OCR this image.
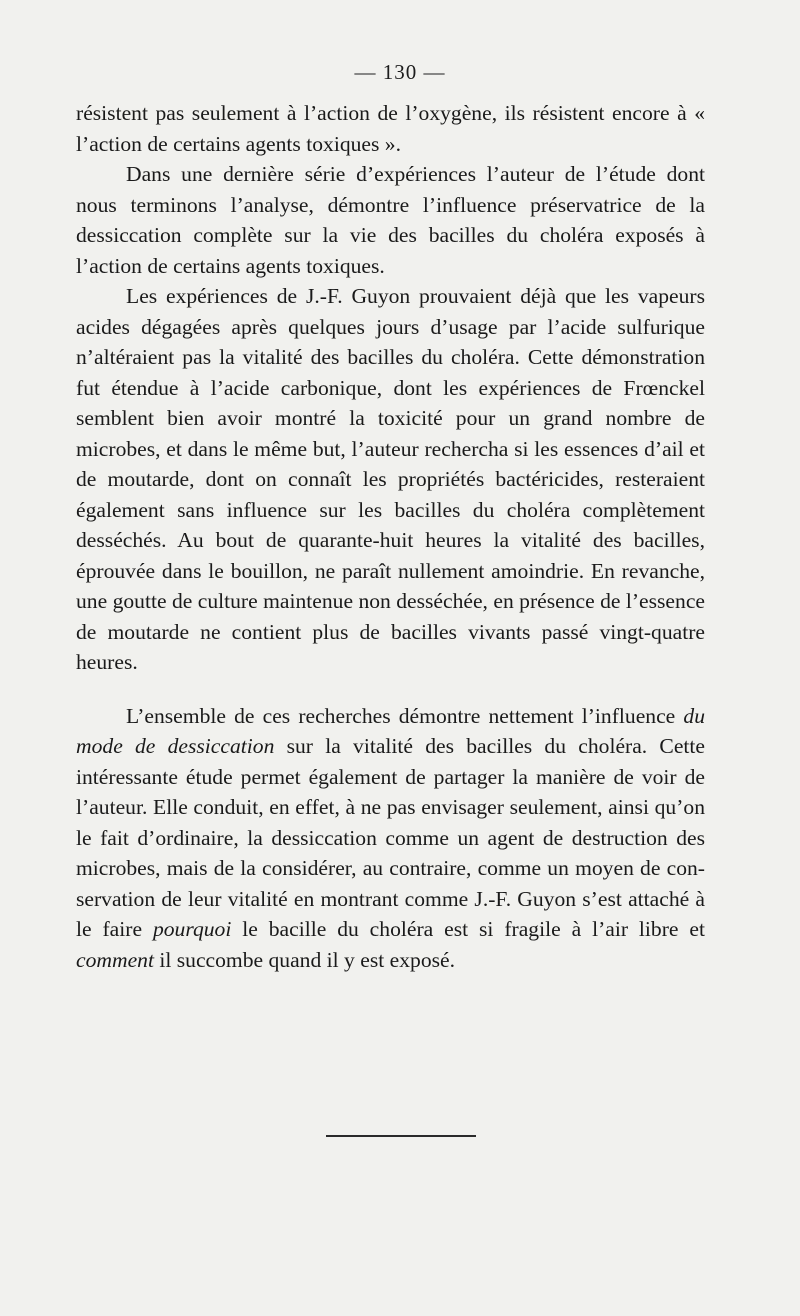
— 130 —

résistent pas seulement à l’action de l’oxygène, ils résistent encore à « l’action de certains agents toxiques ».

Dans une dernière série d’expériences l’auteur de l’étude dont nous terminons l’analyse, démontre l’influence préservatrice de la dessiccation complète sur la vie des bacilles du choléra exposés à l’action de certains agents toxiques.

Les expériences de J.-F. Guyon prouvaient déjà que les vapeurs acides dégagées après quelques jours d’usage par l’acide sulfurique n’altéraient pas la vitalité des bacilles du choléra. Cette démonstration fut étendue à l’acide carbonique, dont les expériences de Frœnckel semblent bien avoir montré la toxicité pour un grand nombre de microbes, et dans le même but, l’auteur recherchа si les essences d’ail et de moutarde, dont on connaît les propriétés bactéricides, resteraient également sans influence sur les bacilles du choléra complètement desséchés. Au bout de quarante-huit heures la vitalité des bacilles, éprouvée dans le bouillon, ne paraît nullement amoindrie. En revanche, une goutte de culture maintenue non desséchée, en présence de l’essence de moutarde ne contient plus de bacilles vivants passé vingt-quatre heures.

L’ensemble de ces recherches démontre nettement l’influence du mode de dessiccation sur la vitalité des bacilles du choléra. Cette intéressante étude permet également de partager la manière de voir de l’auteur. Elle conduit, en effet, à ne pas envisager seulement, ainsi qu’on le fait d’ordinaire, la dessiccation comme un agent de destruction des microbes, mais de la considérer, au contraire, comme un moyen de conservation de leur vitalité en montrant comme J.-F. Guyon s’est attaché à le faire pourquoi le bacille du choléra est si fragile à l’air libre et comment il succombe quand il y est exposé.
